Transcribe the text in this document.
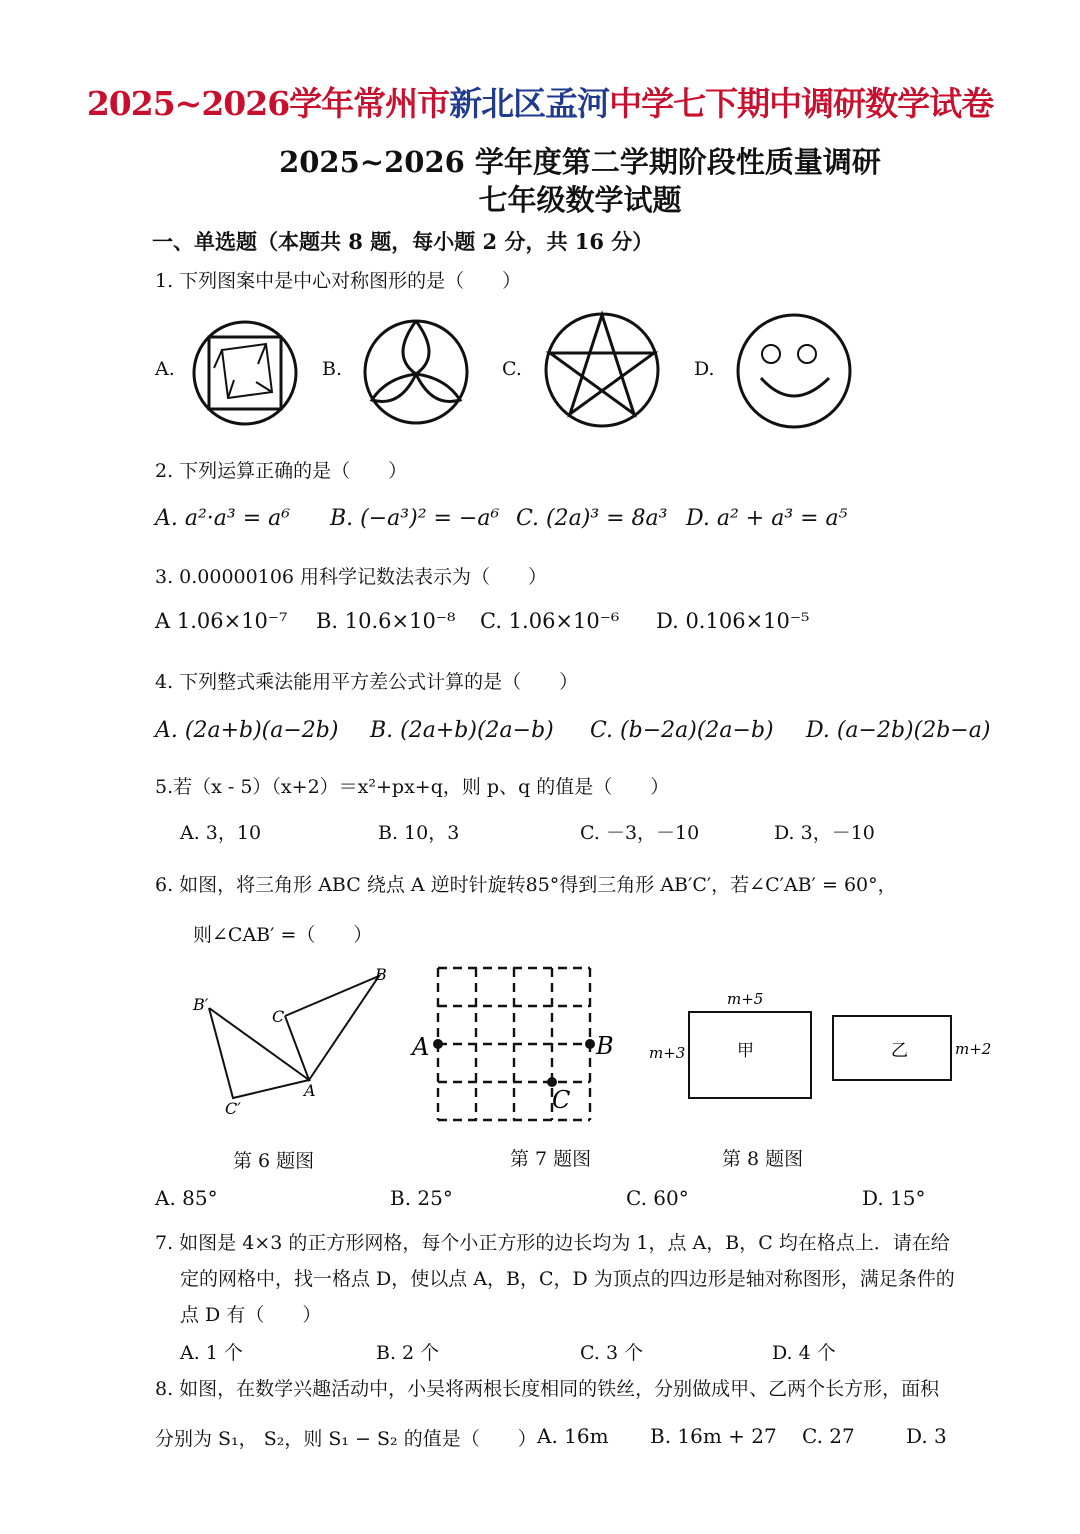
2025~2026学年常州市新北区孟河中学七下期中调研数学试卷
2025~2026 学年度第二学期阶段性质量调研
七年级数学试题
一、单选题（本题共 8 题，每小题 2 分，共 16 分）
1. 下列图案中是中心对称图形的是（　　）
A.	B.	C.	D.
2. 下列运算正确的是（　　）
A. a²·a³ = a⁶ B. (−a³)² = −a⁶ C. (2a)³ = 8a³ D. a² + a³ = a⁵
3. 0.00000106 用科学记数法表示为（　　）
A 1.06×10⁻⁷ B. 10.6×10⁻⁸ C. 1.06×10⁻⁶ D. 0.106×10⁻⁵
4. 下列整式乘法能用平方差公式计算的是（　　）
A. (2a+b)(a−2b) B. (2a+b)(2a−b) C. (b−2a)(2a−b) D. (a−2b)(2b−a)
5.若（x - 5）（x+2）＝x²+px+q，则 p、q 的值是（　　）
A. 3，10	B. 10，3	C. －3，－10	D. 3，－10
6. 如图，将三角形 ABC 绕点 A 逆时针旋转85°得到三角形 AB′C′，若∠C′AB′ = 60°，
则∠CAB′ =（　　）
B′
C
B
A
C′
第 6 题图
A	B
C
第 7 题图
m+5
m+3	甲	乙	m+2
第 8 题图
A. 85°	B. 25°	C. 60°	D. 15°
7. 如图是 4×3 的正方形网格，每个小正方形的边长均为 1，点 A，B，C 均在格点上．请在给
定的网格中，找一格点 D，使以点 A，B，C，D 为顶点的四边形是轴对称图形，满足条件的
点 D 有（　　）
A. 1 个	B. 2 个	C. 3 个	D. 4 个
8. 如图，在数学兴趣活动中，小吴将两根长度相同的铁丝，分别做成甲、乙两个长方形，面积
分别为 S₁， S₂，则 S₁ − S₂ 的值是（　　） A. 16m B. 16m + 27 C. 27	D. 3
